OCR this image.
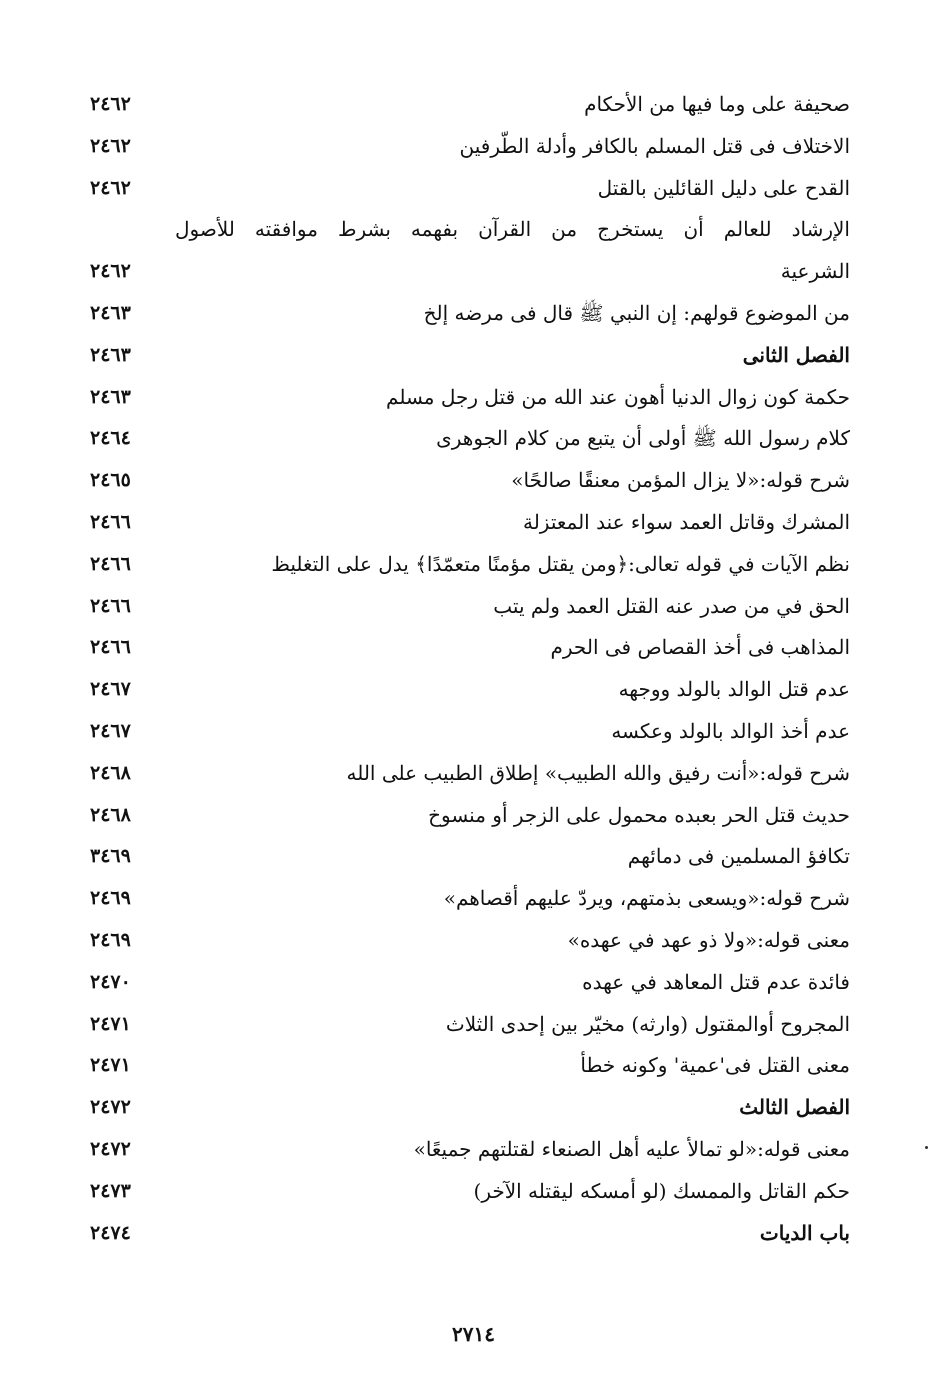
صحيفة على وما فيها من الأحكام
٢٤٦٢
الاختلاف فى قتل المسلم بالكافر وأدلة الطّرفين
٢٤٦٢
القدح على دليل القائلين بالقتل
٢٤٦٢
الإرشاد للعالم أن يستخرج من القرآن بفهمه بشرط موافقته للأصول
الشرعية
٢٤٦٢
من الموضوع قولهم: إن النبي ﷺ قال فى مرضه إلخ
٢٤٦٣
الفصل الثانى
٢٤٦٣
حكمة كون زوال الدنيا أهون عند الله من قتل رجل مسلم
٢٤٦٣
كلام رسول الله ﷺ أولى أن يتبع من كلام الجوهرى
٢٤٦٤
شرح قوله:«لا يزال المؤمن معنقًا صالحًا»
٢٤٦٥
المشرك وقاتل العمد سواء عند المعتزلة
٢٤٦٦
نظم الآيات في قوله تعالى:﴿ومن يقتل مؤمنًا متعمّدًا﴾ يدل على التغليظ
٢٤٦٦
الحق في من صدر عنه القتل العمد ولم يتب
٢٤٦٦
المذاهب فى أخذ القصاص فى الحرم
٢٤٦٦
عدم قتل الوالد بالولد ووجهه
٢٤٦٧
عدم أخذ الوالد بالولد وعكسه
٢٤٦٧
شرح قوله:«أنت رفيق والله الطبيب» إطلاق الطبيب على الله
٢٤٦٨
حديث قتل الحر بعبده محمول على الزجر أو منسوخ
٢٤٦٨
تكافؤ المسلمين فى دمائهم
٣٤٦٩
شرح قوله:«ويسعى بذمتهم، ويردّ عليهم أقصاهم»
٢٤٦٩
معنى قوله:«ولا ذو عهد في عهده»
٢٤٦٩
فائدة عدم قتل المعاهد في عهده
٢٤٧٠
المجروح أوالمقتول (وارثه) مخيّر بين إحدى الثلاث
٢٤٧١
معنى القتل فى'عمية' وكونه خطأ
٢٤٧١
الفصل الثالث
٢٤٧٢
معنى قوله:«لو تمالأ عليه أهل الصنعاء لقتلتهم جميعًا»
٢٤٧٢
حكم القاتل والممسك (لو أمسكه ليقتله الآخر)
٢٤٧٣
باب الديات
٢٤٧٤
٢٧١٤
